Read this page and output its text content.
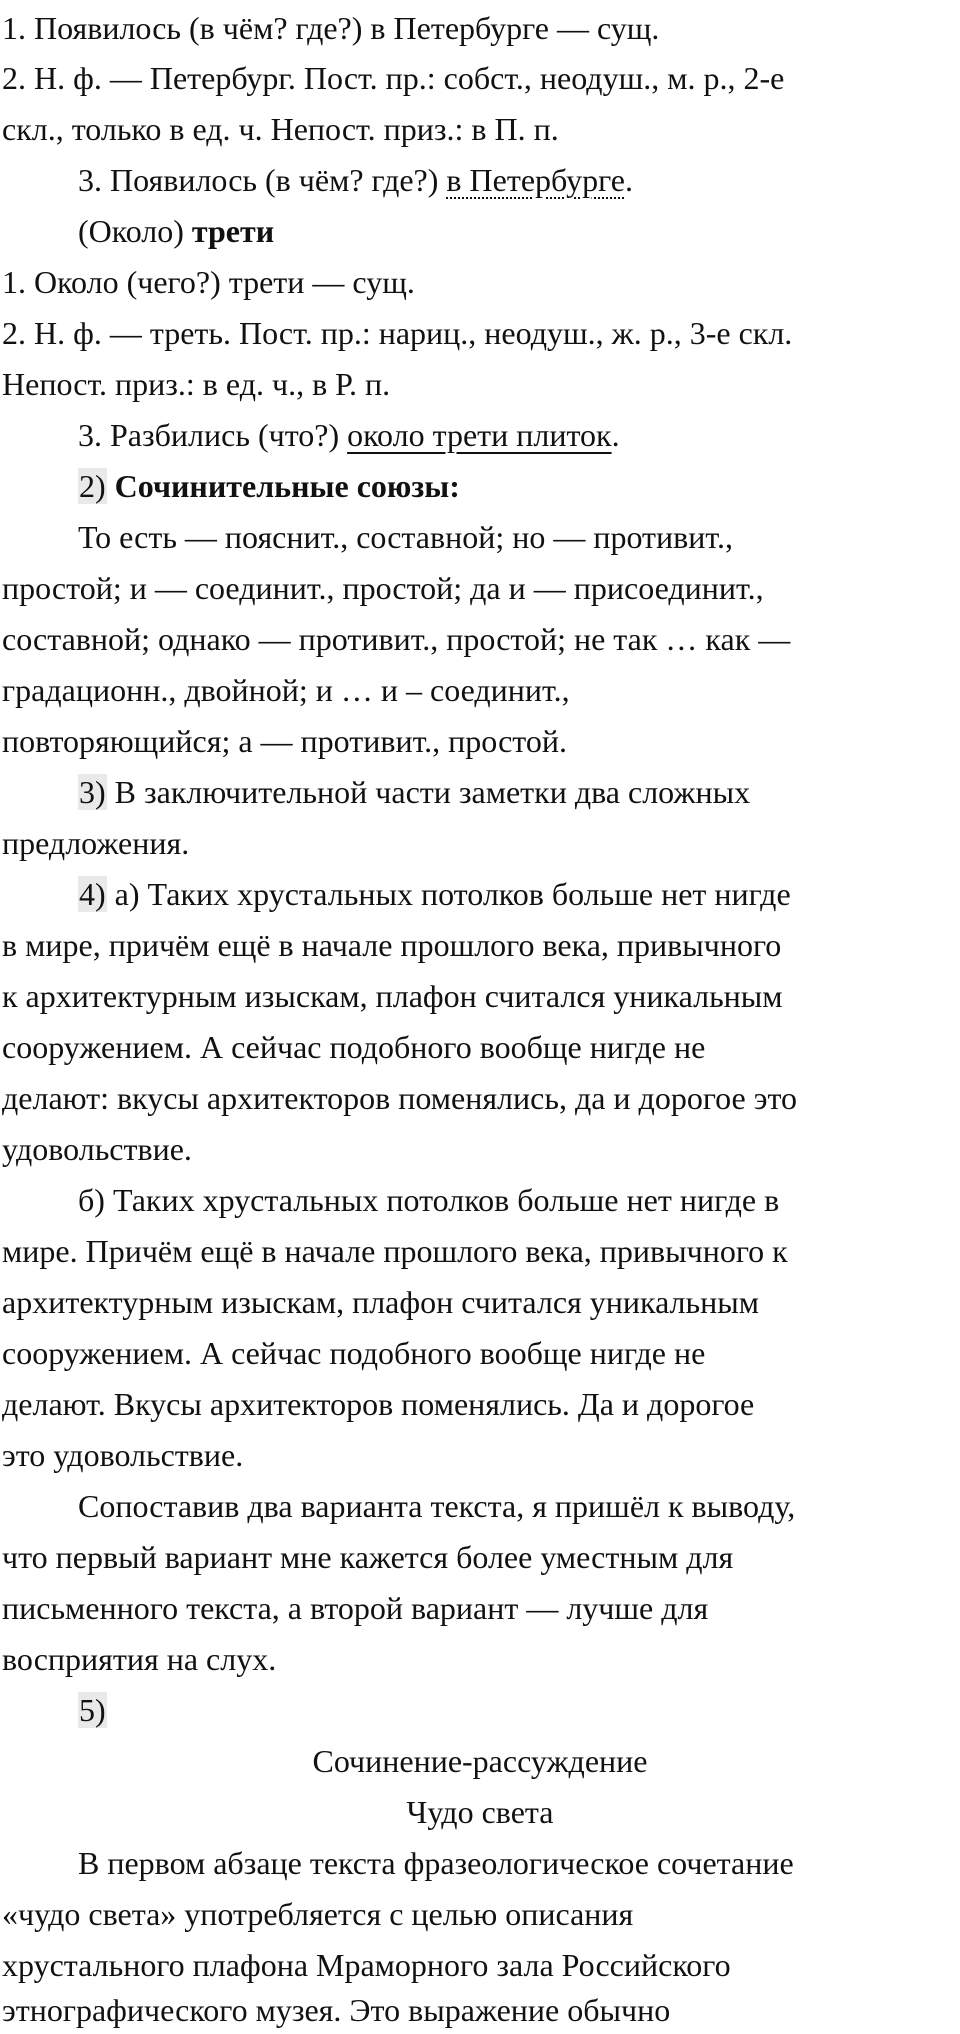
1. Появилось (в чём? где?) в Петербурге — сущ.
2. Н. ф. — Петербург. Пост. пр.: собст., неодуш., м. р., 2-е
скл., только в ед. ч. Непост. приз.: в П. п.
3. Появилось (в чём? где?) в Петербурге.
(Около) трети
1. Около (чего?) трети — сущ.
2. Н. ф. — треть. Пост. пр.: нариц., неодуш., ж. р., 3-е скл.
Непост. приз.: в ед. ч., в Р. п.
3. Разбились (что?) около трети плиток.
2) Сочинительные союзы:
То есть — пояснит., составной; но — противит.,
простой; и — соединит., простой; да и — присоединит.,
составной; однако — противит., простой; не так … как —
градационн., двойной; и … и – соединит.,
повторяющийся; а — противит., простой.
3) В заключительной части заметки два сложных
предложения.
4) а) Таких хрустальных потолков больше нет нигде
в мире, причём ещё в начале прошлого века, привычного
к архитектурным изыскам, плафон считался уникальным
сооружением. А сейчас подобного вообще нигде не
делают: вкусы архитекторов поменялись, да и дорогое это
удовольствие.
б) Таких хрустальных потолков больше нет нигде в
мире. Причём ещё в начале прошлого века, привычного к
архитектурным изыскам, плафон считался уникальным
сооружением. А сейчас подобного вообще нигде не
делают. Вкусы архитекторов поменялись. Да и дорогое
это удовольствие.
Сопоставив два варианта текста, я пришёл к выводу,
что первый вариант мне кажется более уместным для
письменного текста, а второй вариант — лучше для
восприятия на слух.
5)
Сочинение-рассуждение
Чудо света
В первом абзаце текста фразеологическое сочетание
«чудо света» употребляется с целью описания
хрустального плафона Мраморного зала Российского
этнографического музея. Это выражение обычно
